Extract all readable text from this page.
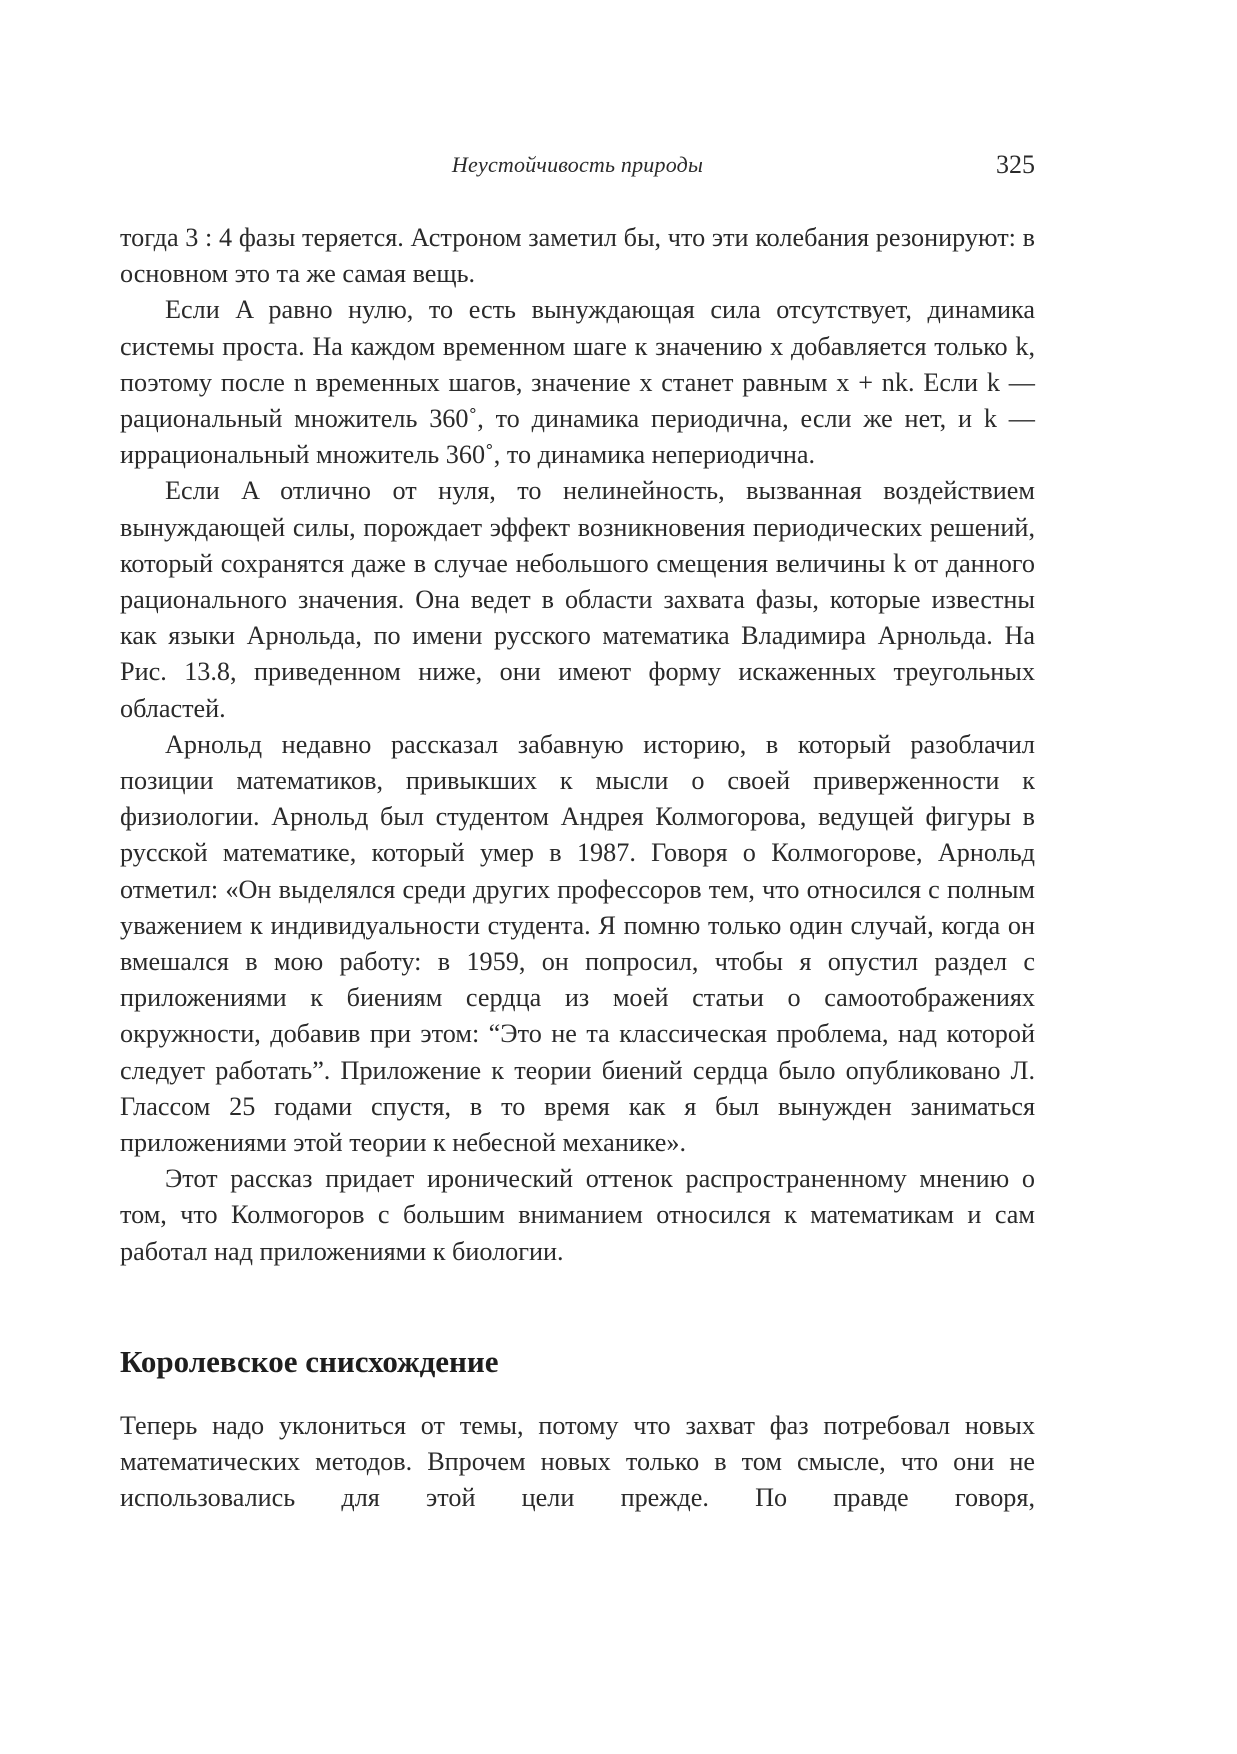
Неустойчивость природы	325

тогда 3 : 4 фазы теряется. Астроном заметил бы, что эти колебания резонируют: в основном это та же самая вещь.

Если A равно нулю, то есть вынуждающая сила отсутствует, динамика системы проста. На каждом временном шаге к значению x добавляется только k, поэтому после n временных шагов, значение x станет равным x + nk. Если k — рациональный множитель 360˚, то динамика периодична, если же нет, и k — иррациональный множитель 360˚, то динамика непериодична.

Если A отлично от нуля, то нелинейность, вызванная воздействием вынуждающей силы, порождает эффект возникновения периодических решений, который сохранятся даже в случае небольшого смещения величины k от данного рационального значения. Она ведет в области захвата фазы, которые известны как языки Арнольда, по имени русского математика Владимира Арнольда. На Рис. 13.8, приведенном ниже, они имеют форму искаженных треугольных областей.

Арнольд недавно рассказал забавную историю, в который разоблачил позиции математиков, привыкших к мысли о своей приверженности к физиологии. Арнольд был студентом Андрея Колмогорова, ведущей фигуры в русской математике, который умер в 1987. Говоря о Колмогорове, Арнольд отметил: «Он выделялся среди других профессоров тем, что относился с полным уважением к индивидуальности студента. Я помню только один случай, когда он вмешался в мою работу: в 1959, он попросил, чтобы я опустил раздел с приложениями к биениям сердца из моей статьи о самоотображениях окружности, добавив при этом: “Это не та классическая проблема, над которой следует работать”. Приложение к теории биений сердца было опубликовано Л. Глассом 25 годами спустя, в то время как я был вынужден заниматься приложениями этой теории к небесной механике».

Этот рассказ придает иронический оттенок распространенному мнению о том, что Колмогоров с большим вниманием относился к математикам и сам работал над приложениями к биологии.

Королевское снисхождение

Теперь надо уклониться от темы, потому что захват фаз потребовал новых математических методов. Впрочем новых только в том смысле, что они не использовались для этой цели прежде. По правде говоря,
